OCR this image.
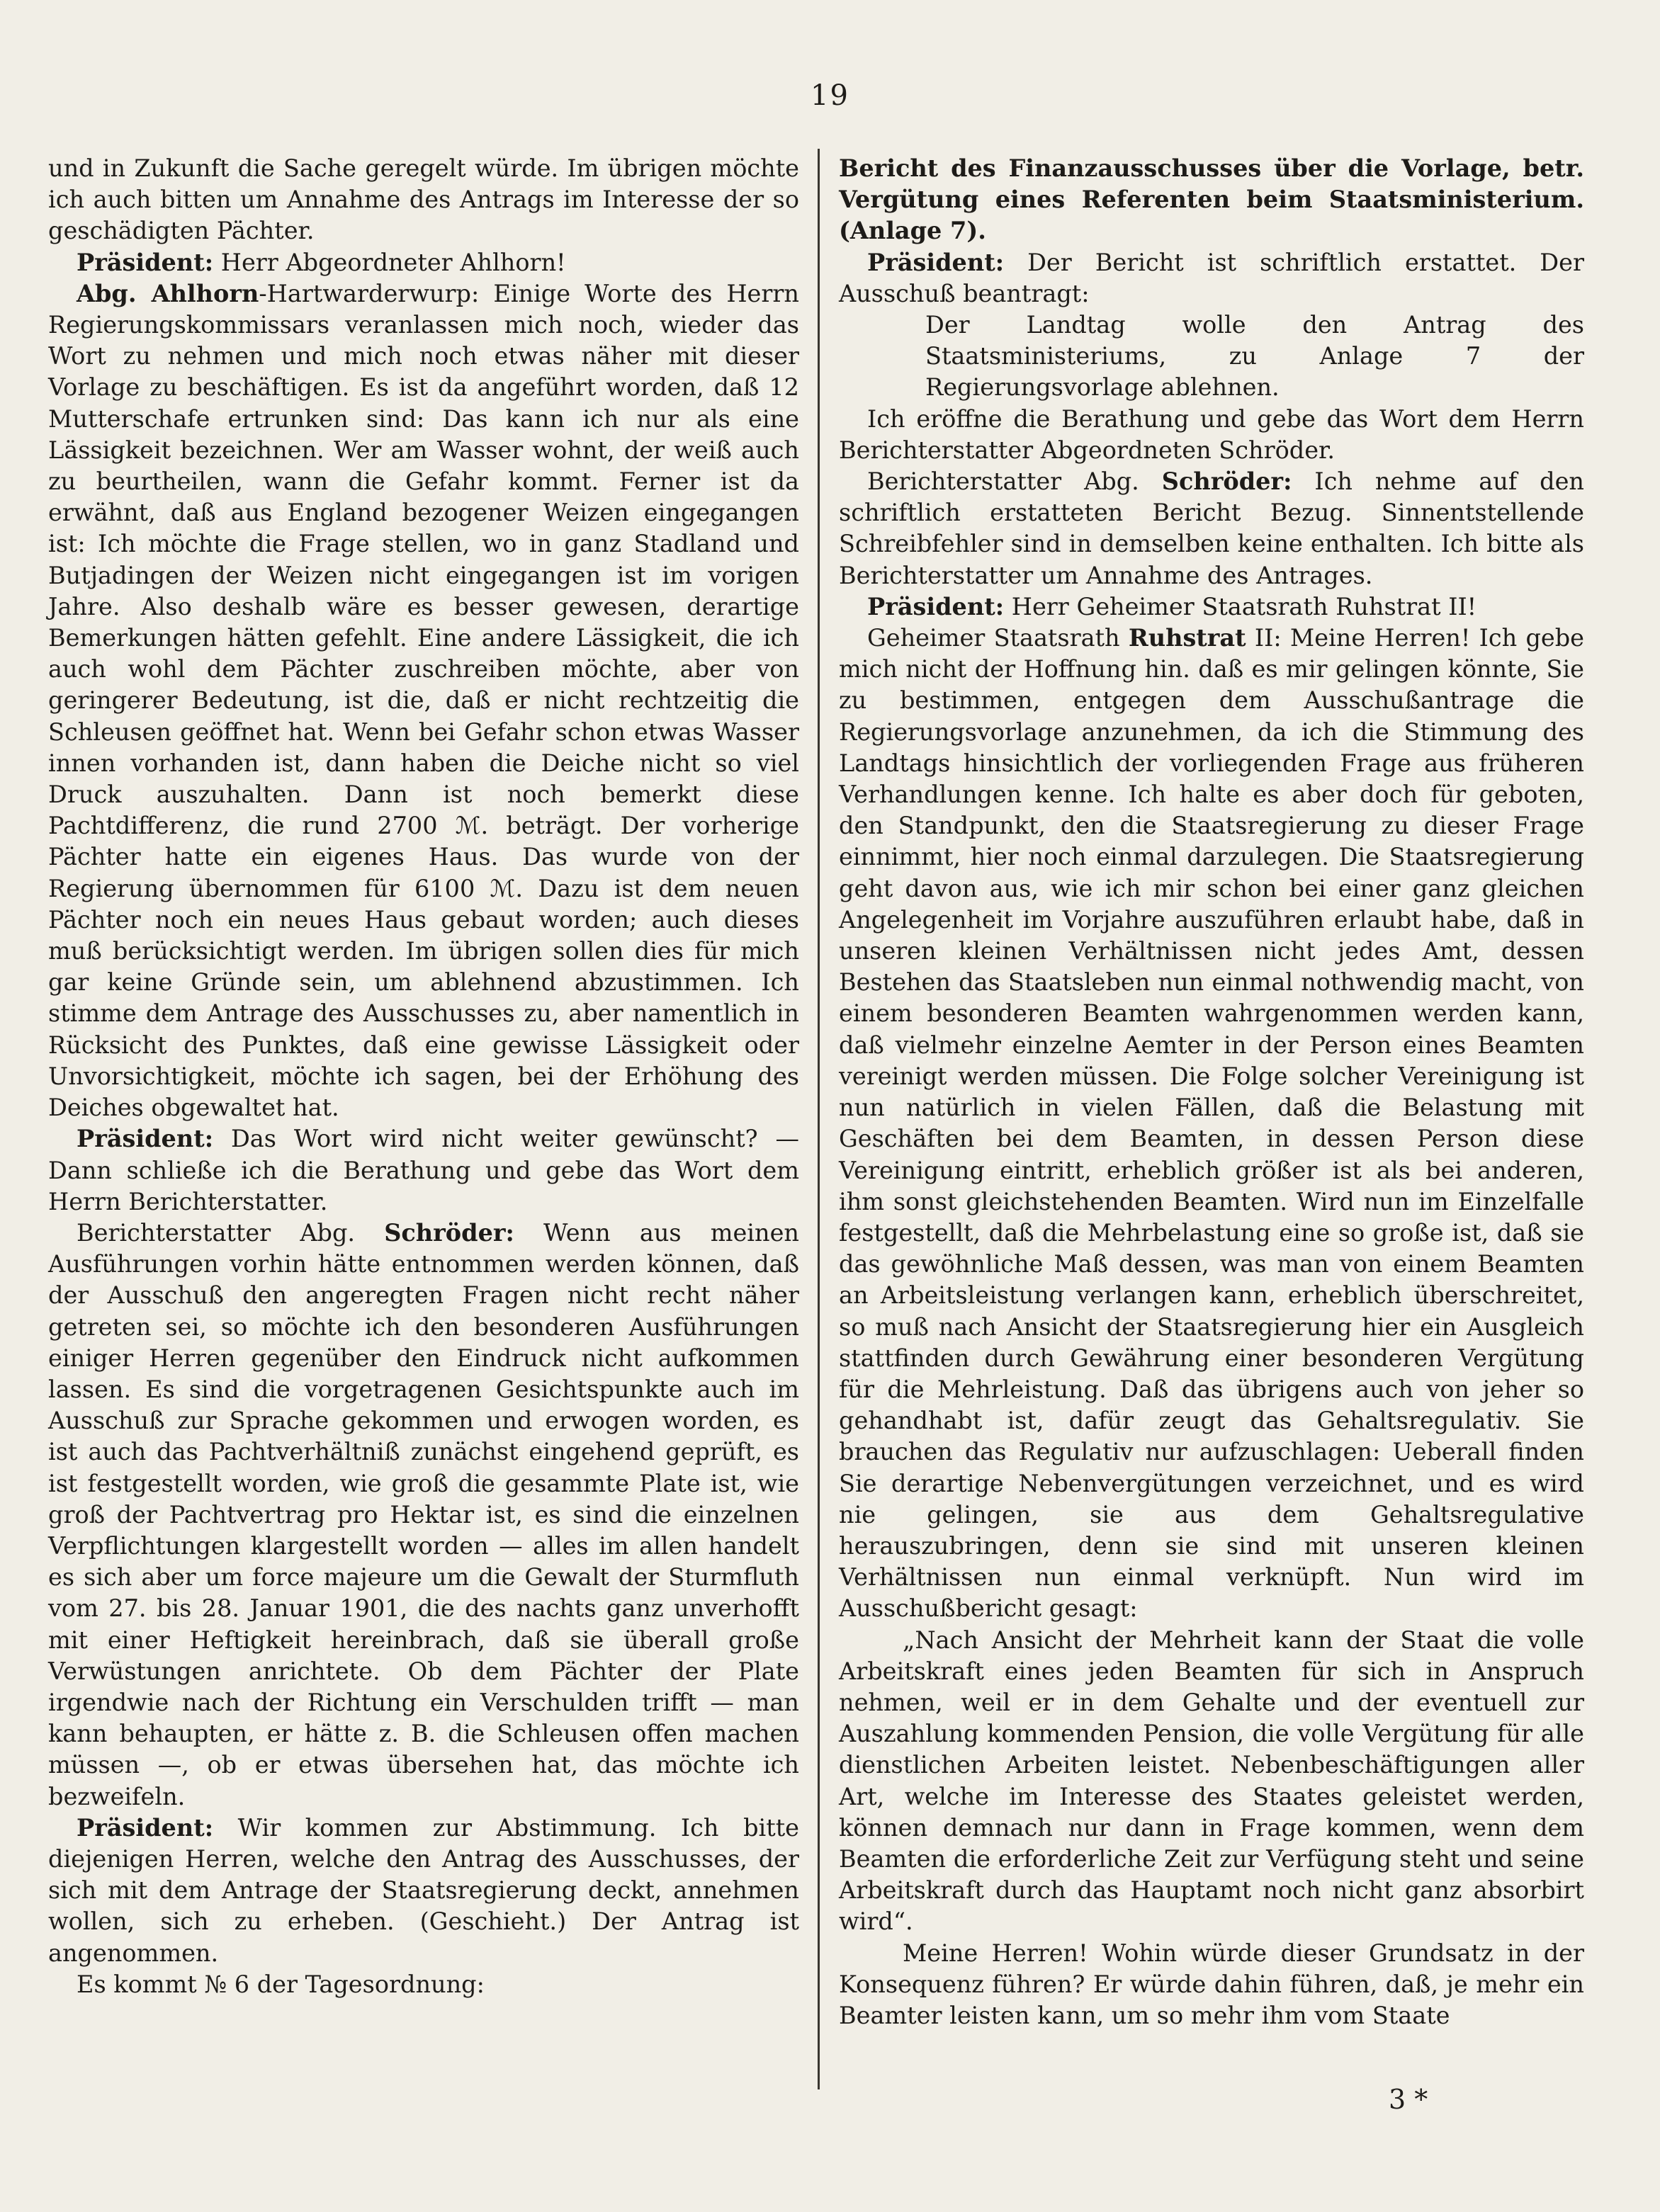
19

und in Zukunft die Sache geregelt würde. Im übrigen möchte ich auch bitten um Annahme des Antrags im Interesse der so geschädigten Pächter.

Präsident: Herr Abgeordneter Ahlhorn!

Abg. Ahlhorn-Hartwarderwurp: Einige Worte des Herrn Regierungskommissars veranlassen mich noch, wieder das Wort zu nehmen und mich noch etwas näher mit dieser Vorlage zu beschäftigen. Es ist da angeführt worden, daß 12 Mutterschafe ertrunken sind: Das kann ich nur als eine Lässigkeit bezeichnen. Wer am Wasser wohnt, der weiß auch zu beurtheilen, wann die Gefahr kommt. Ferner ist da erwähnt, daß aus England bezogener Weizen eingegangen ist: Ich möchte die Frage stellen, wo in ganz Stadland und Butjadingen der Weizen nicht eingegangen ist im vorigen Jahre. Also deshalb wäre es besser gewesen, derartige Bemerkungen hätten gefehlt. Eine andere Lässigkeit, die ich auch wohl dem Pächter zuschreiben möchte, aber von geringerer Bedeutung, ist die, daß er nicht rechtzeitig die Schleusen geöffnet hat. Wenn bei Gefahr schon etwas Wasser innen vorhanden ist, dann haben die Deiche nicht so viel Druck auszuhalten. Dann ist noch bemerkt diese Pachtdifferenz, die rund 2700 ℳ. beträgt. Der vorherige Pächter hatte ein eigenes Haus. Das wurde von der Regierung übernommen für 6100 ℳ. Dazu ist dem neuen Pächter noch ein neues Haus gebaut worden; auch dieses muß berücksichtigt werden. Im übrigen sollen dies für mich gar keine Gründe sein, um ablehnend abzustimmen. Ich stimme dem Antrage des Ausschusses zu, aber namentlich in Rücksicht des Punktes, daß eine gewisse Lässigkeit oder Unvorsichtigkeit, möchte ich sagen, bei der Erhöhung des Deiches obgewaltet hat.

Präsident: Das Wort wird nicht weiter gewünscht? — Dann schließe ich die Berathung und gebe das Wort dem Herrn Berichterstatter.

Berichterstatter Abg. Schröder: Wenn aus meinen Ausführungen vorhin hätte entnommen werden können, daß der Ausschuß den angeregten Fragen nicht recht näher getreten sei, so möchte ich den besonderen Ausführungen einiger Herren gegenüber den Eindruck nicht aufkommen lassen. Es sind die vorgetragenen Gesichtspunkte auch im Ausschuß zur Sprache gekommen und erwogen worden, es ist auch das Pachtverhältniß zunächst eingehend geprüft, es ist festgestellt worden, wie groß die gesammte Plate ist, wie groß der Pachtvertrag pro Hektar ist, es sind die einzelnen Verpflichtungen klargestellt worden — alles im allen handelt es sich aber um force majeure um die Gewalt der Sturmfluth vom 27. bis 28. Januar 1901, die des nachts ganz unverhofft mit einer Heftigkeit hereinbrach, daß sie überall große Verwüstungen anrichtete. Ob dem Pächter der Plate irgendwie nach der Richtung ein Verschulden trifft — man kann behaupten, er hätte z. B. die Schleusen offen machen müssen —, ob er etwas übersehen hat, das möchte ich bezweifeln.

Präsident: Wir kommen zur Abstimmung. Ich bitte diejenigen Herren, welche den Antrag des Ausschusses, der sich mit dem Antrage der Staatsregierung deckt, annehmen wollen, sich zu erheben. (Geschieht.) Der Antrag ist angenommen.

Es kommt № 6 der Tagesordnung:

Bericht des Finanzausschusses über die Vorlage, betr. Vergütung eines Referenten beim Staatsministerium. (Anlage 7).

Präsident: Der Bericht ist schriftlich erstattet. Der Ausschuß beantragt:

Der Landtag wolle den Antrag des Staatsministeriums, zu Anlage 7 der Regierungsvorlage ablehnen.

Ich eröffne die Berathung und gebe das Wort dem Herrn Berichterstatter Abgeordneten Schröder.

Berichterstatter Abg. Schröder: Ich nehme auf den schriftlich erstatteten Bericht Bezug. Sinnentstellende Schreibfehler sind in demselben keine enthalten. Ich bitte als Berichterstatter um Annahme des Antrages.

Präsident: Herr Geheimer Staatsrath Ruhstrat II!

Geheimer Staatsrath Ruhstrat II: Meine Herren! Ich gebe mich nicht der Hoffnung hin. daß es mir gelingen könnte, Sie zu bestimmen, entgegen dem Ausschußantrage die Regierungsvorlage anzunehmen, da ich die Stimmung des Landtags hinsichtlich der vorliegenden Frage aus früheren Verhandlungen kenne. Ich halte es aber doch für geboten, den Standpunkt, den die Staatsregierung zu dieser Frage einnimmt, hier noch einmal darzulegen. Die Staatsregierung geht davon aus, wie ich mir schon bei einer ganz gleichen Angelegenheit im Vorjahre auszuführen erlaubt habe, daß in unseren kleinen Verhältnissen nicht jedes Amt, dessen Bestehen das Staatsleben nun einmal nothwendig macht, von einem besonderen Beamten wahrgenommen werden kann, daß vielmehr einzelne Aemter in der Person eines Beamten vereinigt werden müssen. Die Folge solcher Vereinigung ist nun natürlich in vielen Fällen, daß die Belastung mit Geschäften bei dem Beamten, in dessen Person diese Vereinigung eintritt, erheblich größer ist als bei anderen, ihm sonst gleichstehenden Beamten. Wird nun im Einzelfalle festgestellt, daß die Mehrbelastung eine so große ist, daß sie das gewöhnliche Maß dessen, was man von einem Beamten an Arbeitsleistung verlangen kann, erheblich überschreitet, so muß nach Ansicht der Staatsregierung hier ein Ausgleich stattfinden durch Gewährung einer besonderen Vergütung für die Mehrleistung. Daß das übrigens auch von jeher so gehandhabt ist, dafür zeugt das Gehaltsregulativ. Sie brauchen das Regulativ nur aufzuschlagen: Ueberall finden Sie derartige Nebenvergütungen verzeichnet, und es wird nie gelingen, sie aus dem Gehaltsregulative herauszubringen, denn sie sind mit unseren kleinen Verhältnissen nun einmal verknüpft. Nun wird im Ausschußbericht gesagt:

„Nach Ansicht der Mehrheit kann der Staat die volle Arbeitskraft eines jeden Beamten für sich in Anspruch nehmen, weil er in dem Gehalte und der eventuell zur Auszahlung kommenden Pension, die volle Vergütung für alle dienstlichen Arbeiten leistet. Nebenbeschäftigungen aller Art, welche im Interesse des Staates geleistet werden, können demnach nur dann in Frage kommen, wenn dem Beamten die erforderliche Zeit zur Verfügung steht und seine Arbeitskraft durch das Hauptamt noch nicht ganz absorbirt wird“.

Meine Herren! Wohin würde dieser Grundsatz in der Konsequenz führen? Er würde dahin führen, daß, je mehr ein Beamter leisten kann, um so mehr ihm vom Staate

3 *
